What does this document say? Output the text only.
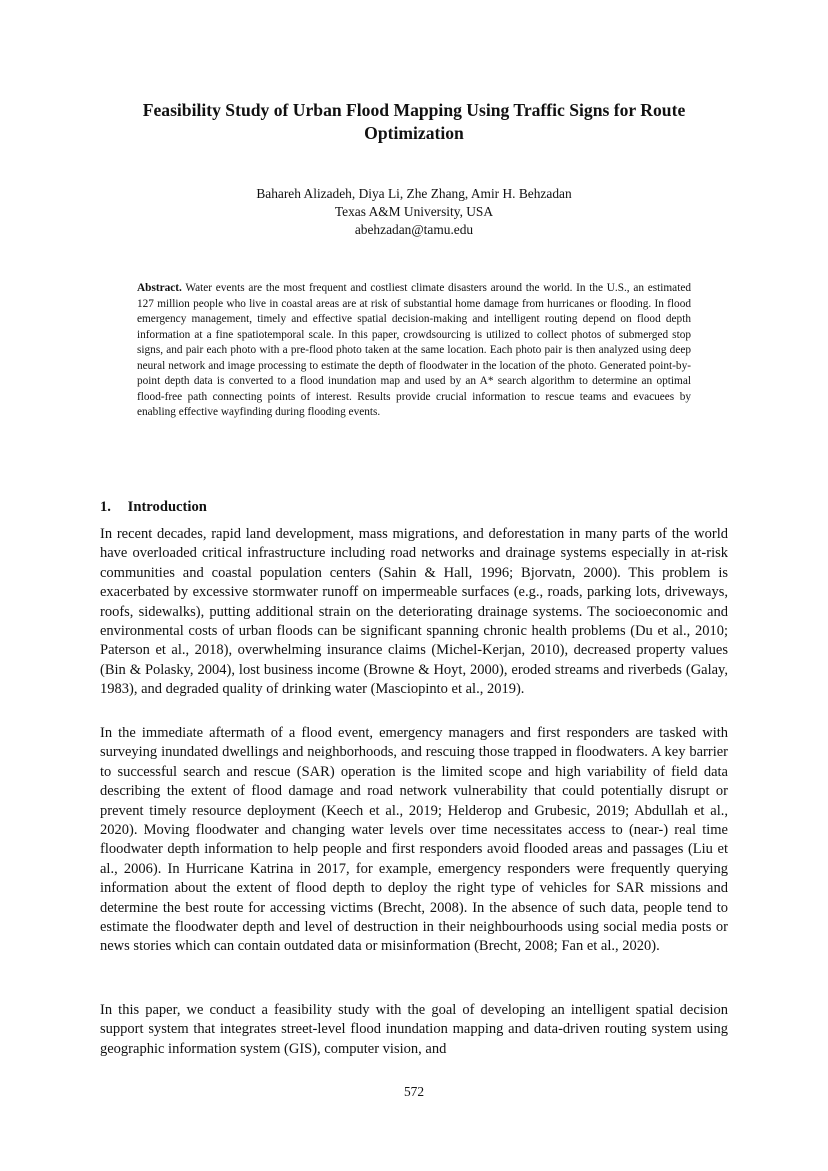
Feasibility Study of Urban Flood Mapping Using Traffic Signs for Route Optimization
Bahareh Alizadeh, Diya Li, Zhe Zhang, Amir H. Behzadan
Texas A&M University, USA
abehzadan@tamu.edu
Abstract. Water events are the most frequent and costliest climate disasters around the world. In the U.S., an estimated 127 million people who live in coastal areas are at risk of substantial home damage from hurricanes or flooding. In flood emergency management, timely and effective spatial decision-making and intelligent routing depend on flood depth information at a fine spatiotemporal scale. In this paper, crowdsourcing is utilized to collect photos of submerged stop signs, and pair each photo with a pre-flood photo taken at the same location. Each photo pair is then analyzed using deep neural network and image processing to estimate the depth of floodwater in the location of the photo. Generated point-by-point depth data is converted to a flood inundation map and used by an A* search algorithm to determine an optimal flood-free path connecting points of interest. Results provide crucial information to rescue teams and evacuees by enabling effective wayfinding during flooding events.
1. Introduction

In recent decades, rapid land development, mass migrations, and deforestation in many parts of the world have overloaded critical infrastructure including road networks and drainage systems especially in at-risk communities and coastal population centers (Sahin & Hall, 1996; Bjorvatn, 2000). This problem is exacerbated by excessive stormwater runoff on impermeable surfaces (e.g., roads, parking lots, driveways, roofs, sidewalks), putting additional strain on the deteriorating drainage systems. The socioeconomic and environmental costs of urban floods can be significant spanning chronic health problems (Du et al., 2010; Paterson et al., 2018), overwhelming insurance claims (Michel-Kerjan, 2010), decreased property values (Bin & Polasky, 2004), lost business income (Browne & Hoyt, 2000), eroded streams and riverbeds (Galay, 1983), and degraded quality of drinking water (Masciopinto et al., 2019).

In the immediate aftermath of a flood event, emergency managers and first responders are tasked with surveying inundated dwellings and neighborhoods, and rescuing those trapped in floodwaters. A key barrier to successful search and rescue (SAR) operation is the limited scope and high variability of field data describing the extent of flood damage and road network vulnerability that could potentially disrupt or prevent timely resource deployment (Keech et al., 2019; Helderop and Grubesic, 2019; Abdullah et al., 2020). Moving floodwater and changing water levels over time necessitates access to (near-) real time floodwater depth information to help people and first responders avoid flooded areas and passages (Liu et al., 2006). In Hurricane Katrina in 2017, for example, emergency responders were frequently querying information about the extent of flood depth to deploy the right type of vehicles for SAR missions and determine the best route for accessing victims (Brecht, 2008). In the absence of such data, people tend to estimate the floodwater depth and level of destruction in their neighbourhoods using social media posts or news stories which can contain outdated data or misinformation (Brecht, 2008; Fan et al., 2020).

In this paper, we conduct a feasibility study with the goal of developing an intelligent spatial decision support system that integrates street-level flood inundation mapping and data-driven routing system using geographic information system (GIS), computer vision, and

572
